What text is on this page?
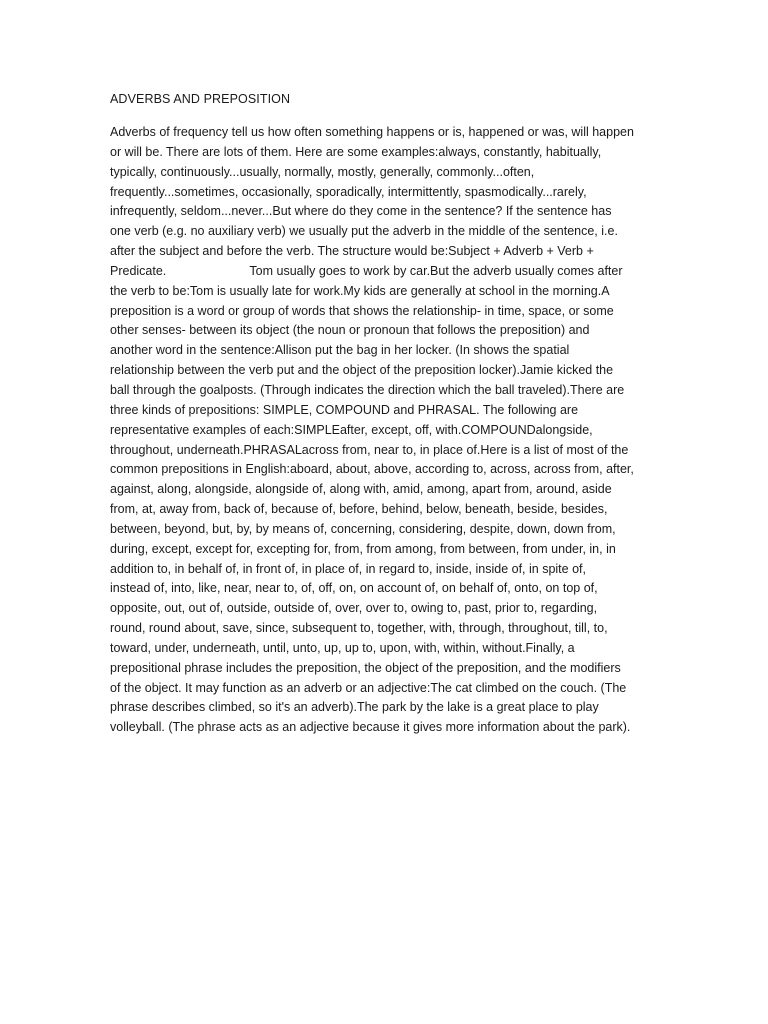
ADVERBS AND PREPOSITION
Adverbs of frequency tell us how often something happens or is, happened or was, will happen
or will be. There are lots of them. Here are some examples:always, constantly, habitually,
typically, continuously...usually, normally, mostly, generally, commonly...often,
frequently...sometimes, occasionally, sporadically, intermittently, spasmodically...rarely,
infrequently, seldom...never...But where do they come in the sentence? If the sentence has
one verb (e.g. no auxiliary verb) we usually put the adverb in the middle of the sentence, i.e.
after the subject and before the verb. The structure would be:Subject + Adverb + Verb +
Predicate.                        Tom usually goes to work by car.But the adverb usually comes after
the verb to be:Tom is usually late for work.My kids are generally at school in the morning.A
preposition is a word or group of words that shows the relationship- in time, space, or some
other senses- between its object (the noun or pronoun that follows the preposition) and
another word in the sentence:Allison put the bag in her locker. (In shows the spatial
relationship between the verb put and the object of the preposition locker).Jamie kicked the
ball through the goalposts. (Through indicates the direction which the ball traveled).There are
three kinds of prepositions: SIMPLE, COMPOUND and PHRASAL. The following are
representative examples of each:SIMPLEafter, except, off, with.COMPOUNDalongside,
throughout, underneath.PHRASALacross from, near to, in place of.Here is a list of most of the
common prepositions in English:aboard, about, above, according to, across, across from, after,
against, along, alongside, alongside of, along with, amid, among, apart from, around, aside
from, at, away from, back of, because of, before, behind, below, beneath, beside, besides,
between, beyond, but, by, by means of, concerning, considering, despite, down, down from,
during, except, except for, excepting for, from, from among, from between, from under, in, in
addition to, in behalf of, in front of, in place of, in regard to, inside, inside of, in spite of,
instead of, into, like, near, near to, of, off, on, on account of, on behalf of, onto, on top of,
opposite, out, out of, outside, outside of, over, over to, owing to, past, prior to, regarding,
round, round about, save, since, subsequent to, together, with, through, throughout, till, to,
toward, under, underneath, until, unto, up, up to, upon, with, within, without.Finally, a
prepositional phrase includes the preposition, the object of the preposition, and the modifiers
of the object. It may function as an adverb or an adjective:The cat climbed on the couch. (The
phrase describes climbed, so it's an adverb).The park by the lake is a great place to play
volleyball. (The phrase acts as an adjective because it gives more information about the park).
